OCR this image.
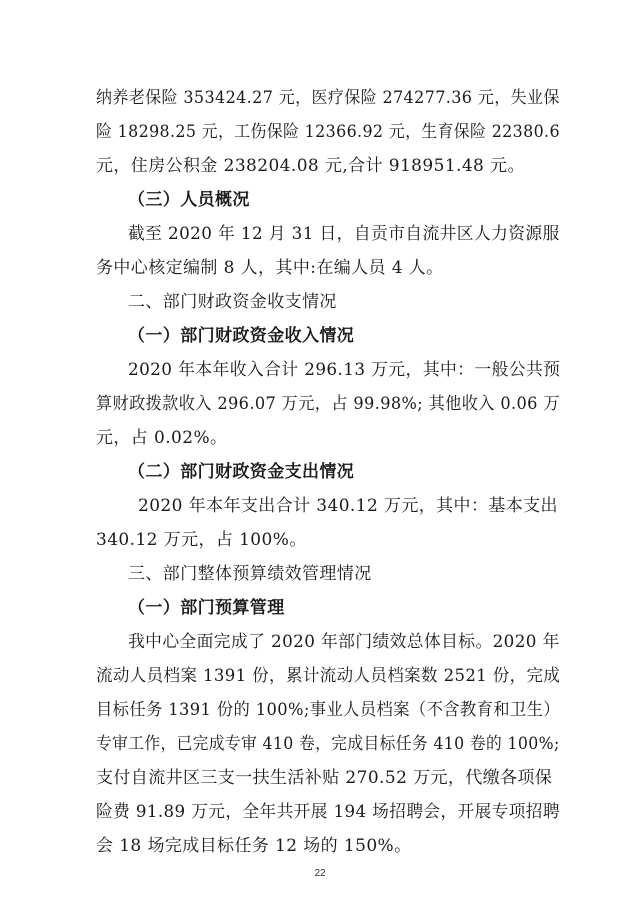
纳养老保险 353424.27 元，医疗保险 274277.36 元，失业保
险 18298.25 元，工伤保险 12366.92 元，生育保险 22380.6
元，住房公积金 238204.08 元,合计 918951.48 元。
（三）人员概况
截至 2020 年 12 月 31 日，自贡市自流井区人力资源服
务中心核定编制 8 人，其中:在编人员 4 人。
二、部门财政资金收支情况
（一）部门财政资金收入情况
2020 年本年收入合计 296.13 万元，其中：一般公共预
算财政拨款收入 296.07 万元，占 99.98%; 其他收入 0.06 万
元，占 0.02%。
（二）部门财政资金支出情况
2020 年本年支出合计 340.12 万元，其中：基本支出
340.12 万元，占 100%。
三、部门整体预算绩效管理情况
（一）部门预算管理
我中心全面完成了 2020 年部门绩效总体目标。2020 年
流动人员档案 1391 份，累计流动人员档案数 2521 份，完成
目标任务 1391 份的 100%;事业人员档案（不含教育和卫生）
专审工作，已完成专审 410 卷，完成目标任务 410 卷的 100%;
支付自流井区三支一扶生活补贴 270.52 万元，代缴各项保
险费 91.89 万元，全年共开展 194 场招聘会，开展专项招聘
会 18 场完成目标任务 12 场的 150%。
22
